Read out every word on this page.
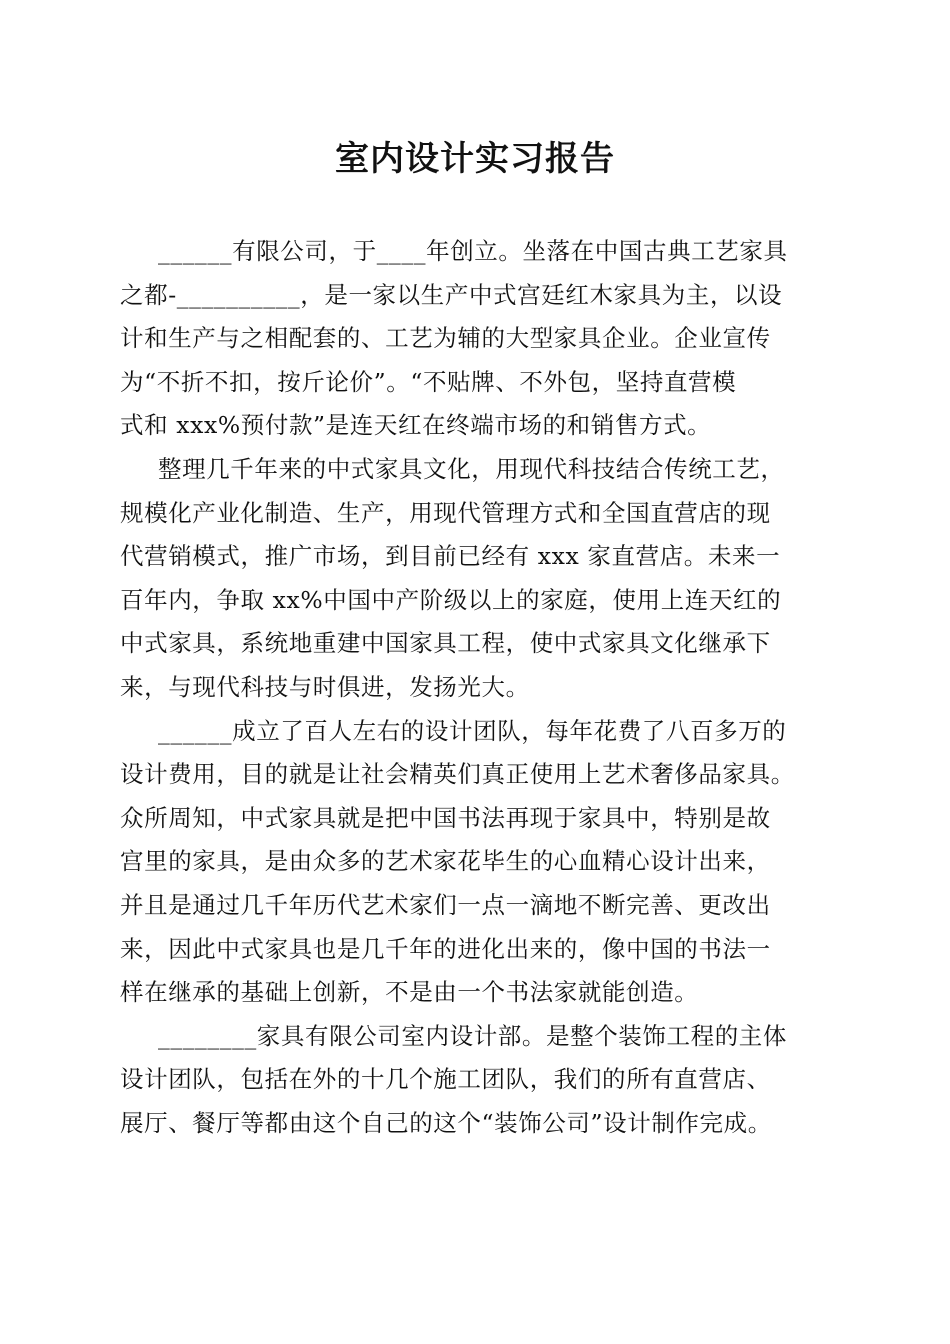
室内设计实习报告
______有限公司，于____年创立。坐落在中国古典工艺家具
之都-__________，是一家以生产中式宫廷红木家具为主，以设
计和生产与之相配套的、工艺为辅的大型家具企业。企业宣传
为“不折不扣，按斤论价”。“不贴牌、不外包，坚持直营模
式和 xxx%预付款”是连天红在终端市场的和销售方式。
整理几千年来的中式家具文化，用现代科技结合传统工艺，
规模化产业化制造、生产，用现代管理方式和全国直营店的现
代营销模式，推广市场，到目前已经有 xxx 家直营店。未来一
百年内，争取 xx%中国中产阶级以上的家庭，使用上连天红的
中式家具，系统地重建中国家具工程，使中式家具文化继承下
来，与现代科技与时俱进，发扬光大。
______成立了百人左右的设计团队，每年花费了八百多万的
设计费用，目的就是让社会精英们真正使用上艺术奢侈品家具。
众所周知，中式家具就是把中国书法再现于家具中，特别是故
宫里的家具，是由众多的艺术家花毕生的心血精心设计出来，
并且是通过几千年历代艺术家们一点一滴地不断完善、更改出
来，因此中式家具也是几千年的进化出来的，像中国的书法一
样在继承的基础上创新，不是由一个书法家就能创造。
________家具有限公司室内设计部。是整个装饰工程的主体
设计团队，包括在外的十几个施工团队，我们的所有直营店、
展厅、餐厅等都由这个自己的这个“装饰公司”设计制作完成。
